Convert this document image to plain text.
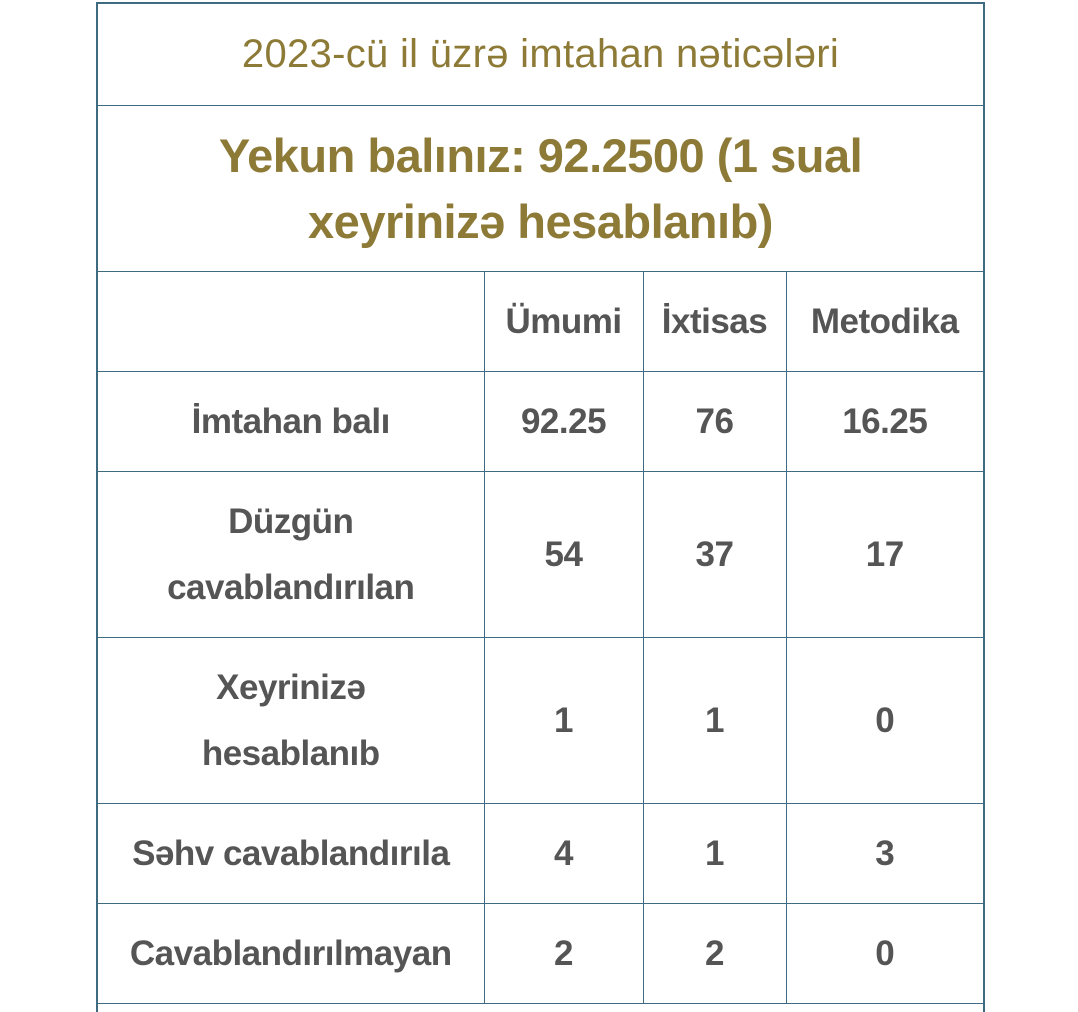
2023-cü il üzrə imtahan nəticələri
Yekun balınız: 92.2500 (1 sual xeyrinizə hesablanıb)
	Ümumi	İxtisas	Metodika
İmtahan balı	92.25	76	16.25
Düzgün cavablandırılan	54	37	17
Xeyrinizə hesablanıb	1	1	0
Səhv cavablandırıla	4	1	3
Cavablandırılmayan	2	2	0
